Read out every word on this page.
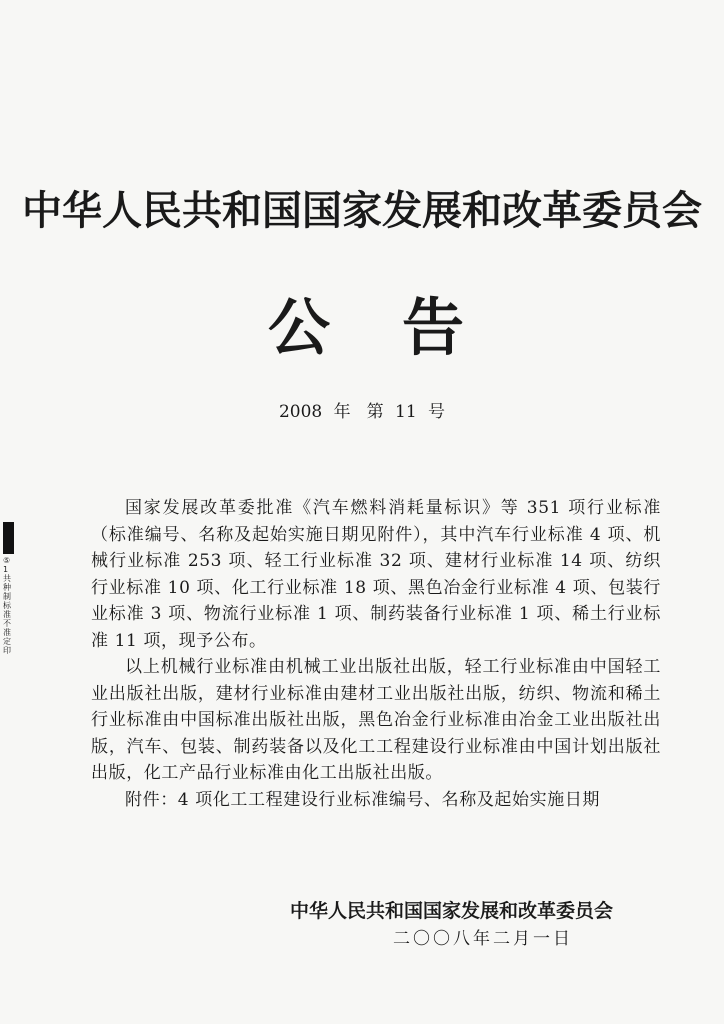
⑤1 共种制标准不准定印
中华人民共和国国家发展和改革委员会
公 告
2008 年 第 11 号

国家发展改革委批准《汽车燃料消耗量标识》等 351 项行业标准（标准编号、名称及起始实施日期见附件），其中汽车行业标准 4 项、机械行业标准 253 项、轻工行业标准 32 项、建材行业标准 14 项、纺织行业标准 10 项、化工行业标准 18 项、黑色冶金行业标准 4 项、包装行业标准 3 项、物流行业标准 1 项、制药装备行业标准 1 项、稀土行业标准 11 项，现予公布。

以上机械行业标准由机械工业出版社出版，轻工行业标准由中国轻工业出版社出版，建材行业标准由建材工业出版社出版，纺织、物流和稀土行业标准由中国标准出版社出版，黑色冶金行业标准由冶金工业出版社出版，汽车、包装、制药装备以及化工工程建设行业标准由中国计划出版社出版，化工产品行业标准由化工出版社出版。

附件：4 项化工工程建设行业标准编号、名称及起始实施日期

中华人民共和国国家发展和改革委员会
二〇〇八年二月一日
